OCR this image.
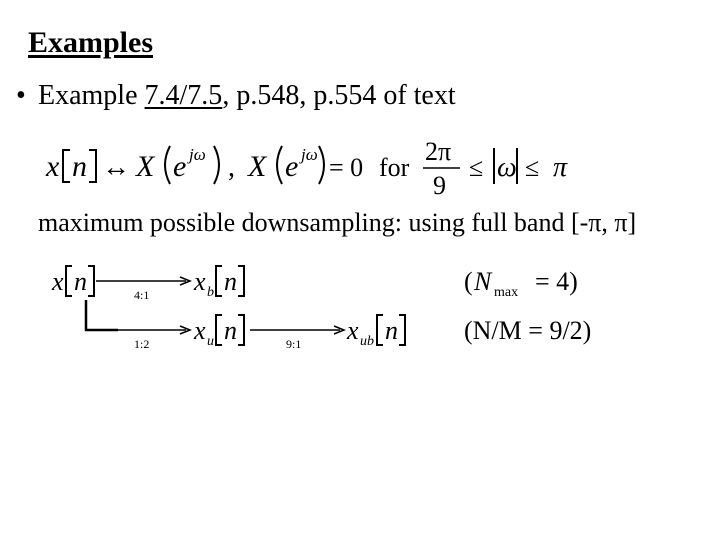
Examples
• Example 7.4/7.5, p.548, p.554 of text
x n ↔ X e jω , X e jω = 0 for
2π
9
≤ ω ≤ π
maximum possible downsampling: using full band [-π, π]
x n	4:1 x b n
1:2 x u n	9:1 x ub n
( N max = 4)
(N/M = 9/2)
